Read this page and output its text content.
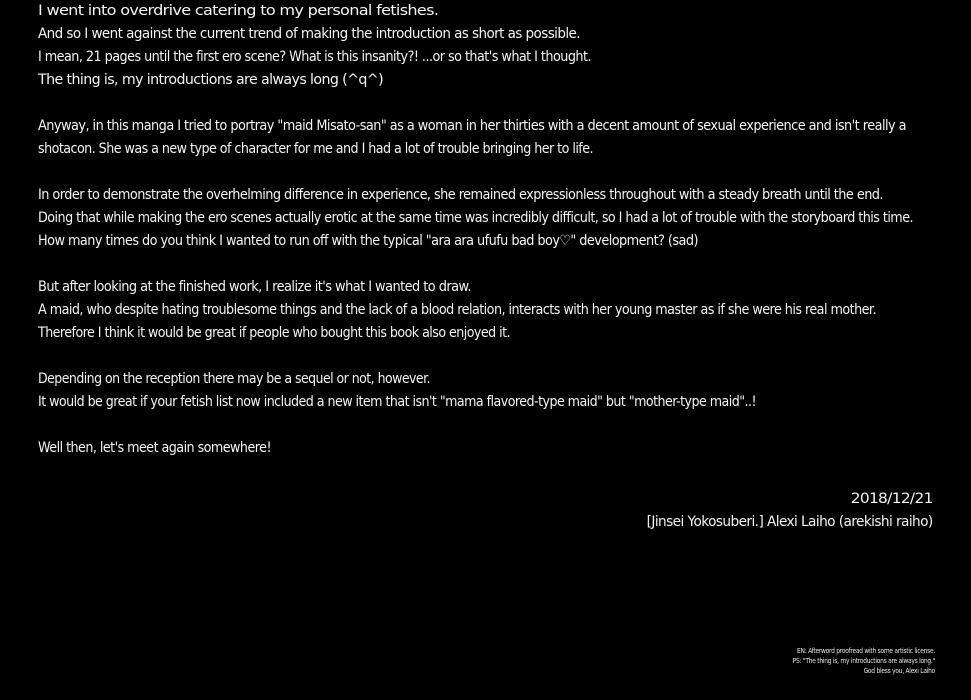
I went into overdrive catering to my personal fetishes.
And so I went against the current trend of making the introduction as short as possible.
I mean, 21 pages until the first ero scene? What is this insanity?! ...or so that's what I thought.
The thing is, my introductions are always long (^q^)
Anyway, in this manga I tried to portray "maid Misato-san" as a woman in her thirties with a decent amount of sexual experience and isn't really a
shotacon. She was a new type of character for me and I had a lot of trouble bringing her to life.
In order to demonstrate the overhelming difference in experience, she remained expressionless throughout with a steady breath until the end.
Doing that while making the ero scenes actually erotic at the same time was incredibly difficult, so I had a lot of trouble with the storyboard this time.
How many times do you think I wanted to run off with the typical "ara ara ufufu bad boy♡" development? (sad)
But after looking at the finished work, I realize it's what I wanted to draw.
A maid, who despite hating troublesome things and the lack of a blood relation, interacts with her young master as if she were his real mother.
Therefore I think it would be great if people who bought this book also enjoyed it.
Depending on the reception there may be a sequel or not, however.
It would be great if your fetish list now included a new item that isn't "mama flavored-type maid" but "mother-type maid"..!
Well then, let's meet again somewhere!
2018/12/21
[Jinsei Yokosuberi.] Alexi Laiho (arekishi raiho)
EN: Afterword proofread with some artistic license.
PS: "The thing is, my introductions are always long."
God bless you, Alexi Laiho
